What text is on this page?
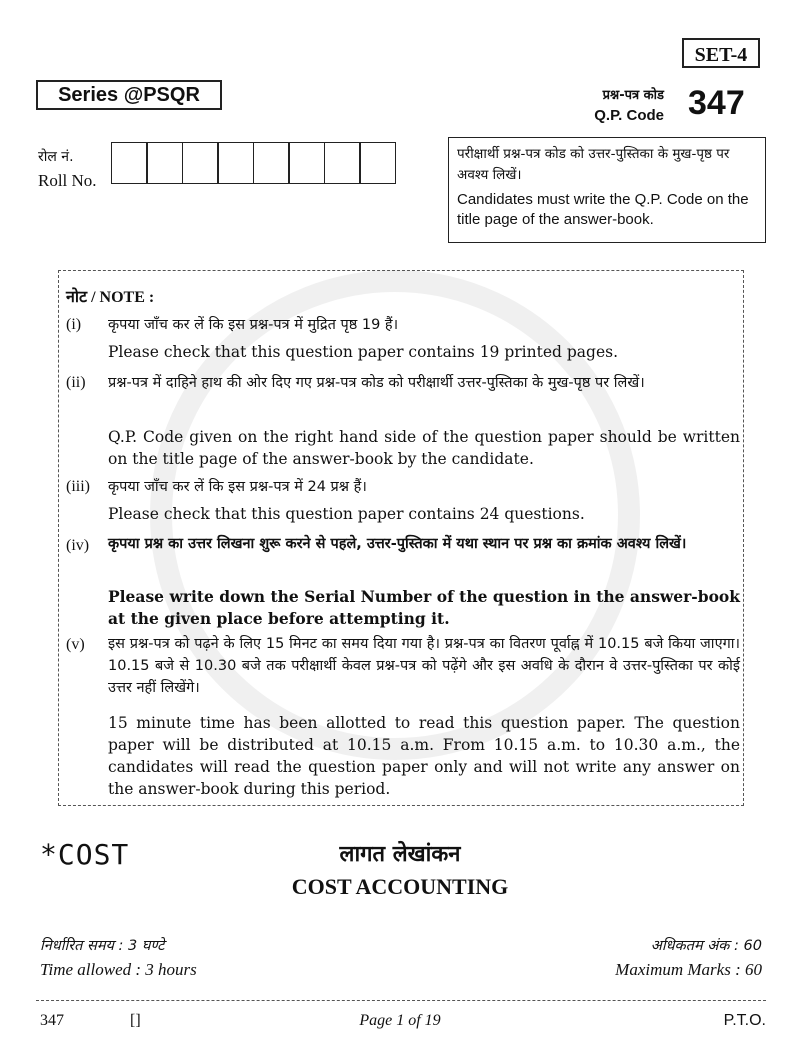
SET-4
Series @PSQR	प्रश्न-पत्र कोड
Q.P. Code 347
रोल नं.
Roll No.
परीक्षार्थी प्रश्न-पत्र कोड को उत्तर-पुस्तिका के मुख-पृष्ठ पर अवश्य लिखें।
Candidates must write the Q.P. Code on the title page of the answer-book.
नोट / NOTE :
(i) कृपया जाँच कर लें कि इस प्रश्न-पत्र में मुद्रित पृष्ठ 19 हैं।
Please check that this question paper contains 19 printed pages.
(ii) प्रश्न-पत्र में दाहिने हाथ की ओर दिए गए प्रश्न-पत्र कोड को परीक्षार्थी उत्तर-पुस्तिका के मुख-पृष्ठ पर लिखें।
Q.P. Code given on the right hand side of the question paper should be written on the title page of the answer-book by the candidate.
(iii) कृपया जाँच कर लें कि इस प्रश्न-पत्र में 24 प्रश्न हैं।
Please check that this question paper contains 24 questions.
(iv) कृपया प्रश्न का उत्तर लिखना शुरू करने से पहले, उत्तर-पुस्तिका में यथा स्थान पर प्रश्न का क्रमांक अवश्य लिखें।
Please write down the Serial Number of the question in the answer-book at the given place before attempting it.
(v) इस प्रश्न-पत्र को पढ़ने के लिए 15 मिनट का समय दिया गया है। प्रश्न-पत्र का वितरण पूर्वाह्न में 10.15 बजे किया जाएगा। 10.15 बजे से 10.30 बजे तक परीक्षार्थी केवल प्रश्न-पत्र को पढ़ेंगे और इस अवधि के दौरान वे उत्तर-पुस्तिका पर कोई उत्तर नहीं लिखेंगे।
15 minute time has been allotted to read this question paper. The question paper will be distributed at 10.15 a.m. From 10.15 a.m. to 10.30 a.m., the candidates will read the question paper only and will not write any answer on the answer-book during this period.
*COST	लागत लेखांकन
COST ACCOUNTING
निर्धारित समय : 3 घण्टे
Time allowed : 3 hours
अधिकतम अंक : 60
Maximum Marks : 60
347	[]	Page 1 of 19	P.T.O.
